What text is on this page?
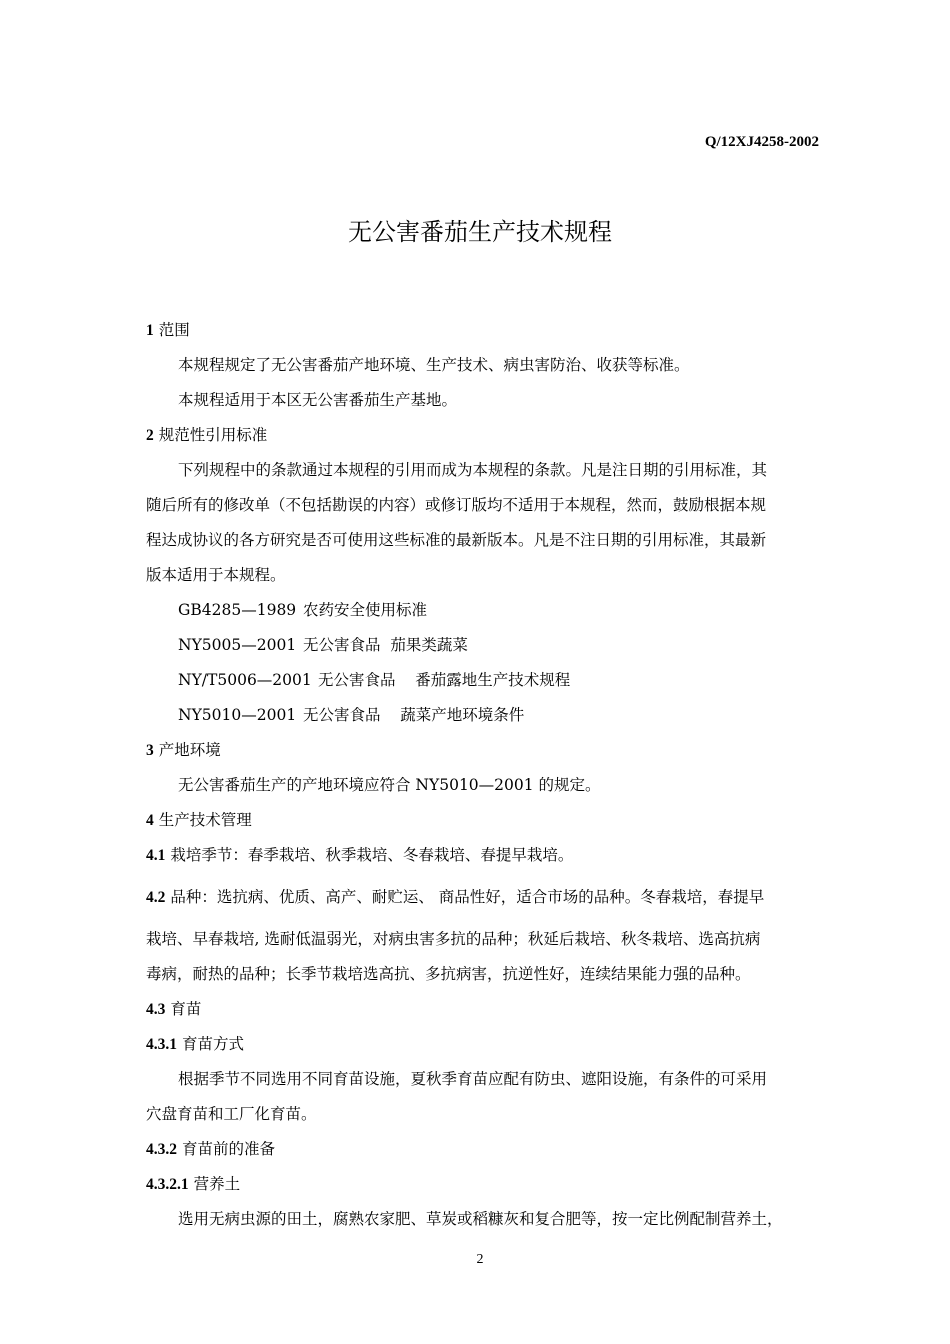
Q/12XJ4258-2002
无公害番茄生产技术规程
1 范围
本规程规定了无公害番茄产地环境、生产技术、病虫害防治、收获等标准。
本规程适用于本区无公害番茄生产基地。
2 规范性引用标准
下列规程中的条款通过本规程的引用而成为本规程的条款。凡是注日期的引用标准，其
随后所有的修改单（不包括勘误的内容）或修订版均不适用于本规程，然而，鼓励根据本规
程达成协议的各方研究是否可使用这些标准的最新版本。凡是不注日期的引用标准，其最新
版本适用于本规程。
GB4285—1989 农药安全使用标准
NY5005—2001 无公害食品  茄果类蔬菜
NY/T5006—2001 无公害食品    番茄露地生产技术规程
NY5010—2001 无公害食品    蔬菜产地环境条件
3 产地环境
无公害番茄生产的产地环境应符合 NY5010—2001 的规定。
4 生产技术管理
4.1 栽培季节：春季栽培、秋季栽培、冬春栽培、春提早栽培。
4.2 品种：选抗病、优质、高产、耐贮运、 商品性好，适合市场的品种。冬春栽培，春提早
栽培、早春栽培, 选耐低温弱光，对病虫害多抗的品种；秋延后栽培、秋冬栽培、选高抗病
毒病，耐热的品种；长季节栽培选高抗、多抗病害，抗逆性好，连续结果能力强的品种。
4.3 育苗
4.3.1 育苗方式
根据季节不同选用不同育苗设施，夏秋季育苗应配有防虫、遮阳设施，有条件的可采用
穴盘育苗和工厂化育苗。
4.3.2 育苗前的准备
4.3.2.1 营养土
选用无病虫源的田土，腐熟农家肥、草炭或稻糠灰和复合肥等，按一定比例配制营养土，
2
